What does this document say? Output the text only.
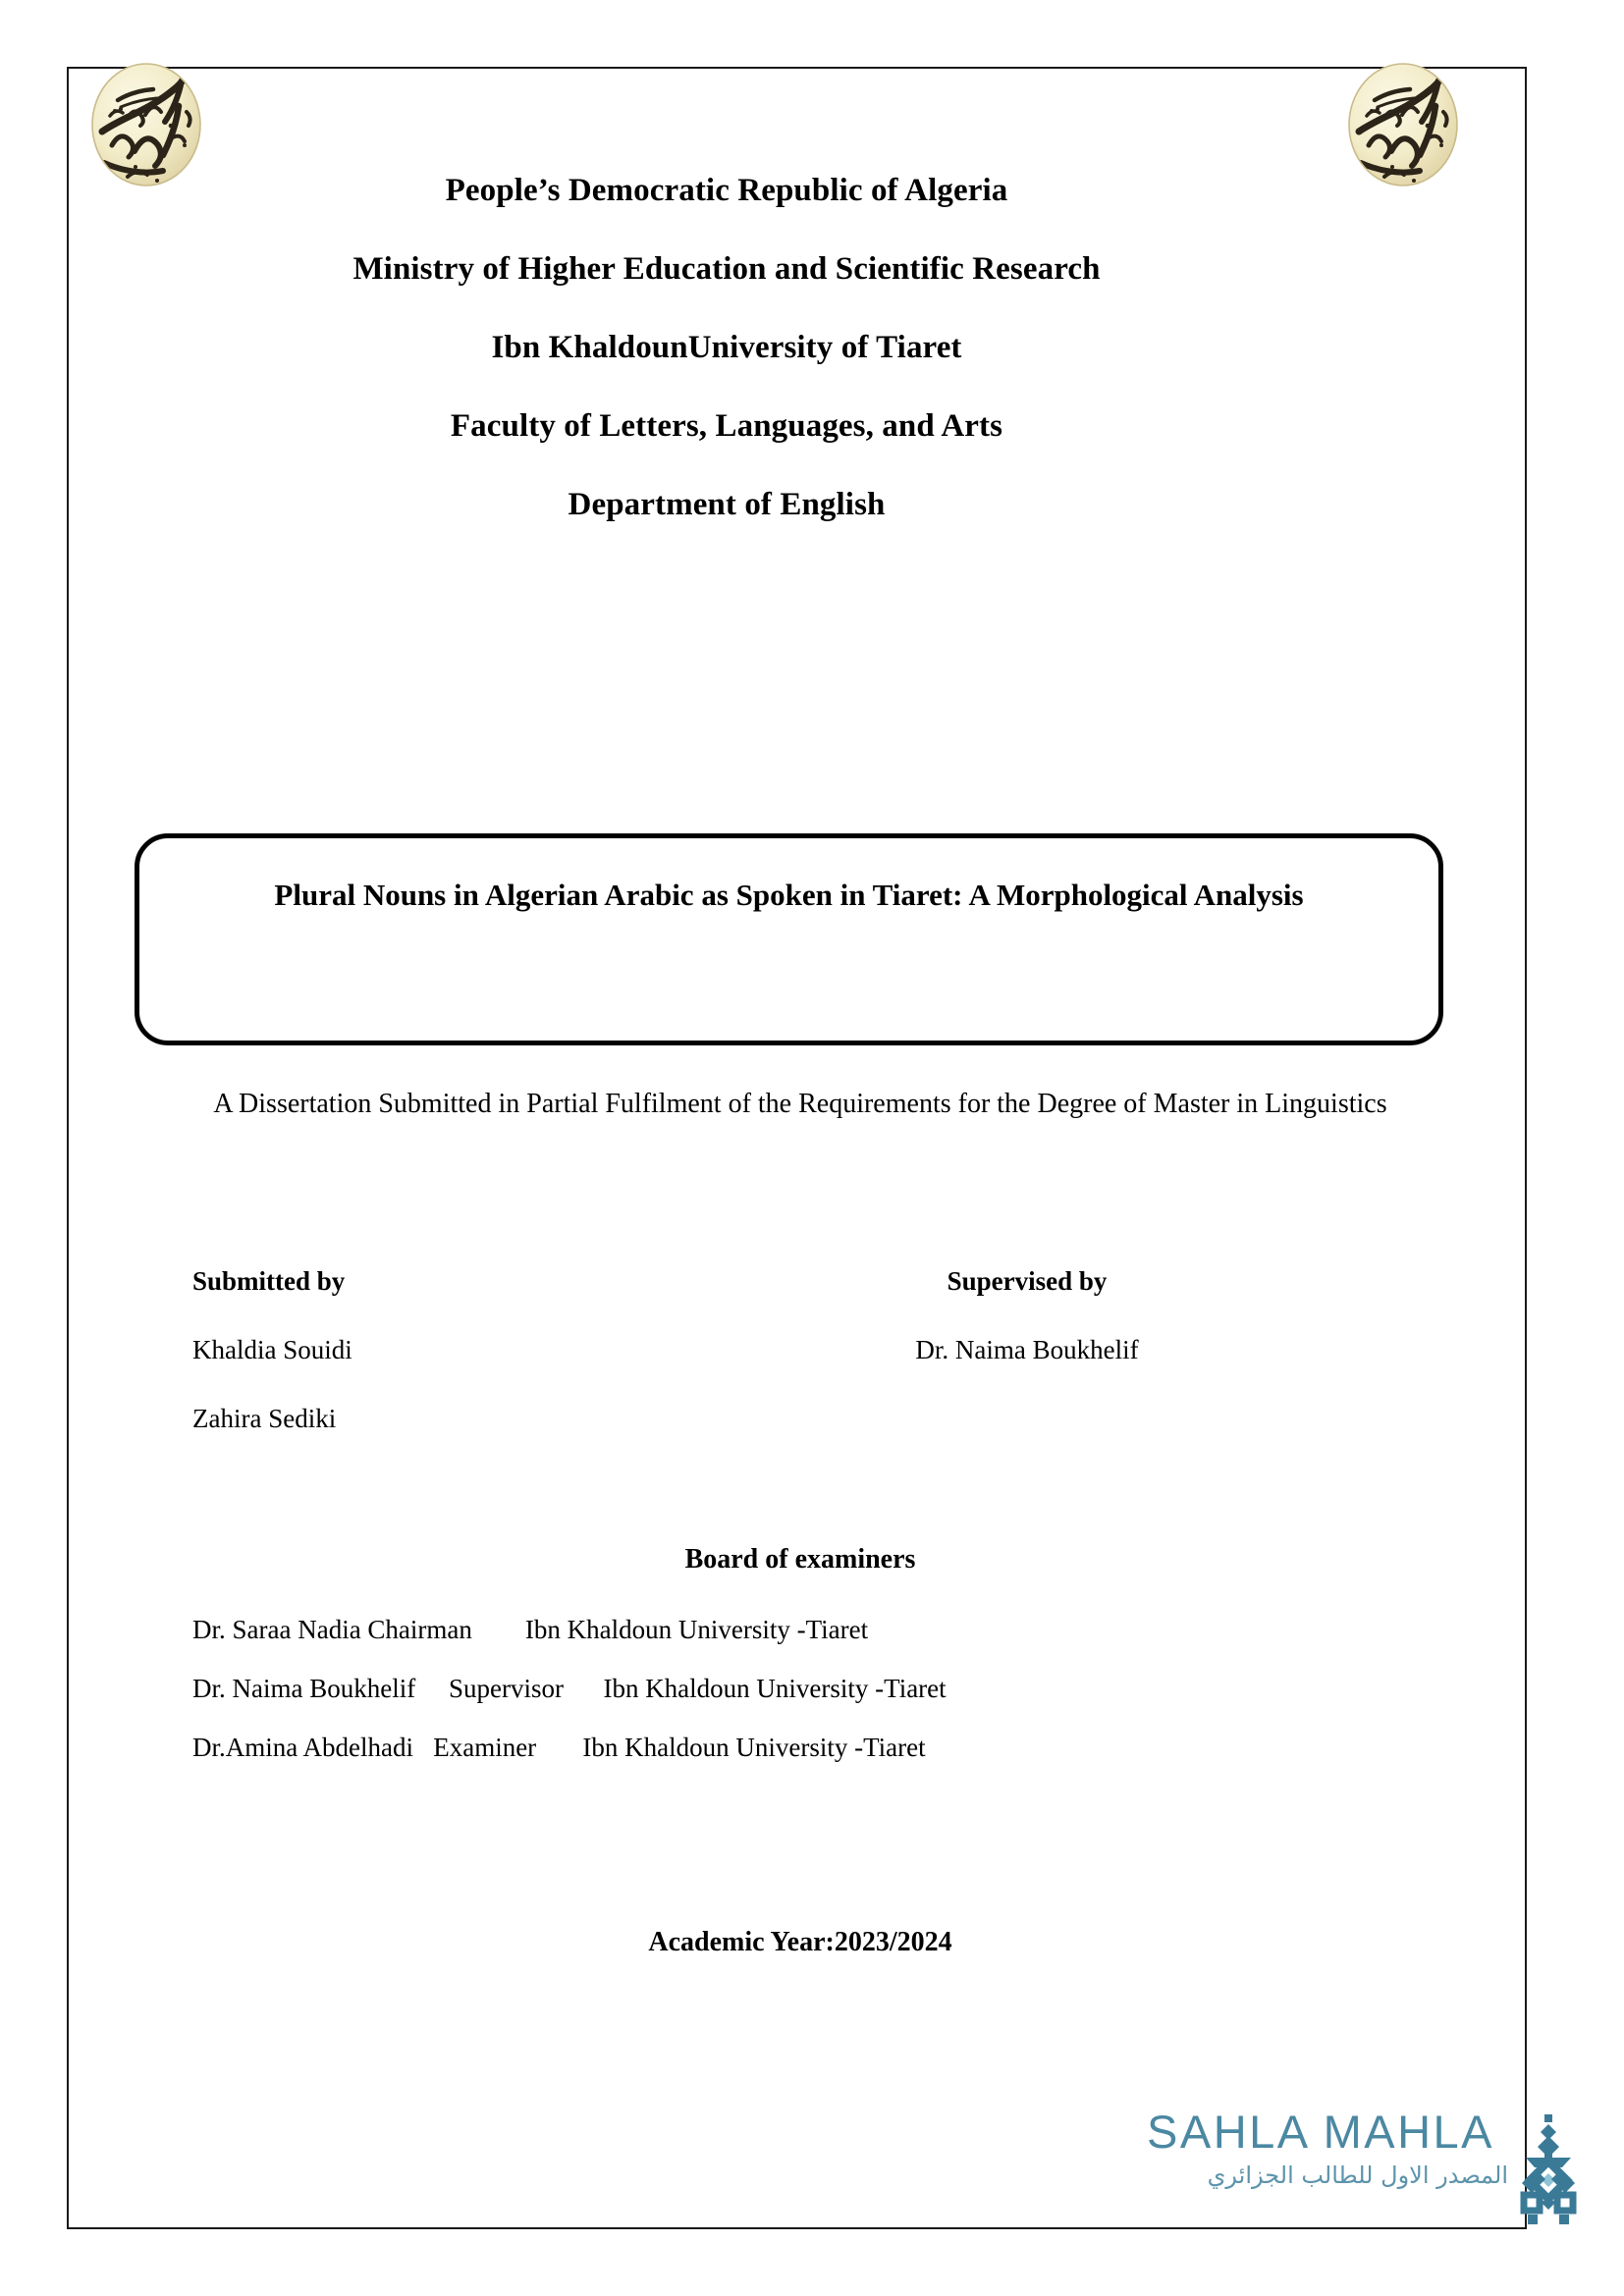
People’s Democratic Republic of Algeria
Ministry of Higher Education and Scientific Research
Ibn KhaldounUniversity of Tiaret
Faculty of Letters, Languages, and Arts
Department of English
Plural Nouns in Algerian Arabic as Spoken in Tiaret: A Morphological Analysis
A Dissertation Submitted in Partial Fulfilment of the Requirements for the Degree of Master in Linguistics
Submitted by	Supervised by
Khaldia Souidi	Dr. Naima Boukhelif
Zahira Sediki
Board of examiners
Dr. Saraa Nadia Chairman        Ibn Khaldoun University -Tiaret
Dr. Naima Boukhelif     Supervisor      Ibn Khaldoun University -Tiaret
Dr.Amina Abdelhadi   Examiner       Ibn Khaldoun University -Tiaret
Academic Year:2023/2024
SAHLA MAHLA
المصدر الاول للطالب الجزائري
